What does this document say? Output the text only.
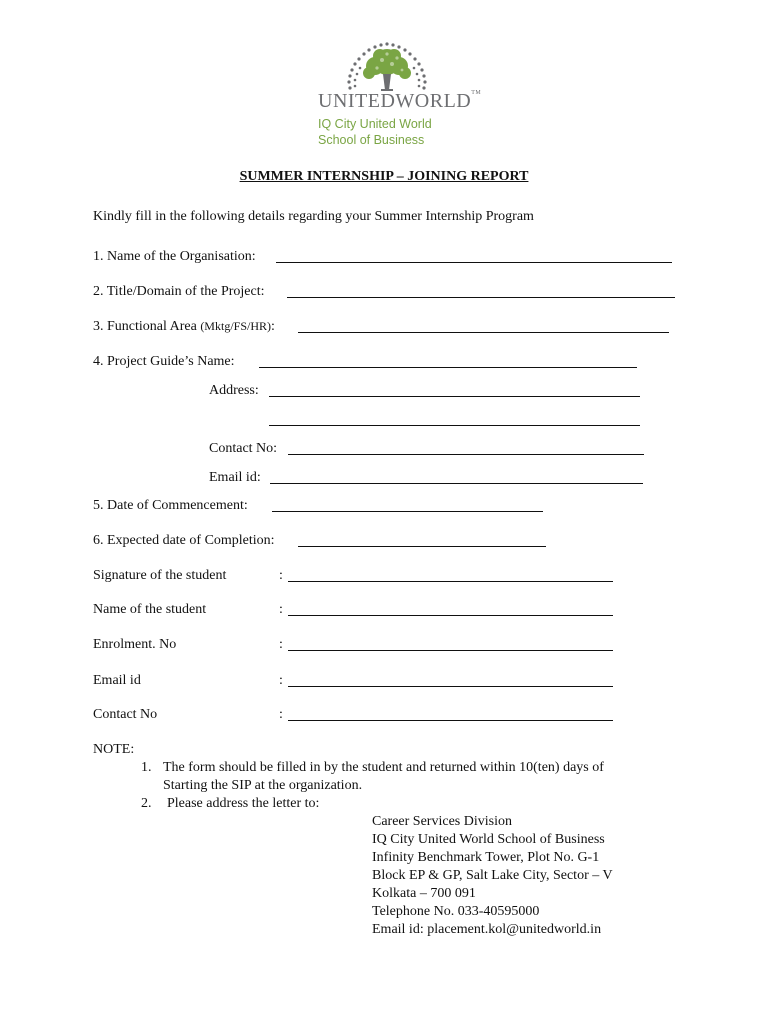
UNITEDWORLD™
IQ City United World
School of Business
SUMMER INTERNSHIP – JOINING REPORT
Kindly fill in the following details regarding your Summer Internship Program
1. Name of the Organisation:
2. Title/Domain of the Project:
3. Functional Area (Mktg/FS/HR):
4. Project Guide’s Name:
Address:
Contact No:
Email id:
5. Date of Commencement:
6. Expected date of Completion:
Signature of the student	:
Name of the student	:
Enrolment. No	:
Email id	:
Contact No	:
NOTE:
1. The form should be filled in by the student and returned within 10(ten) days of
Starting the SIP at the organization.
2. Please address the letter to:
Career Services Division
IQ City United World School of Business
Infinity Benchmark Tower, Plot No. G-1
Block EP & GP, Salt Lake City, Sector – V
Kolkata – 700 091
Telephone No. 033-40595000
Email id: placement.kol@unitedworld.in
